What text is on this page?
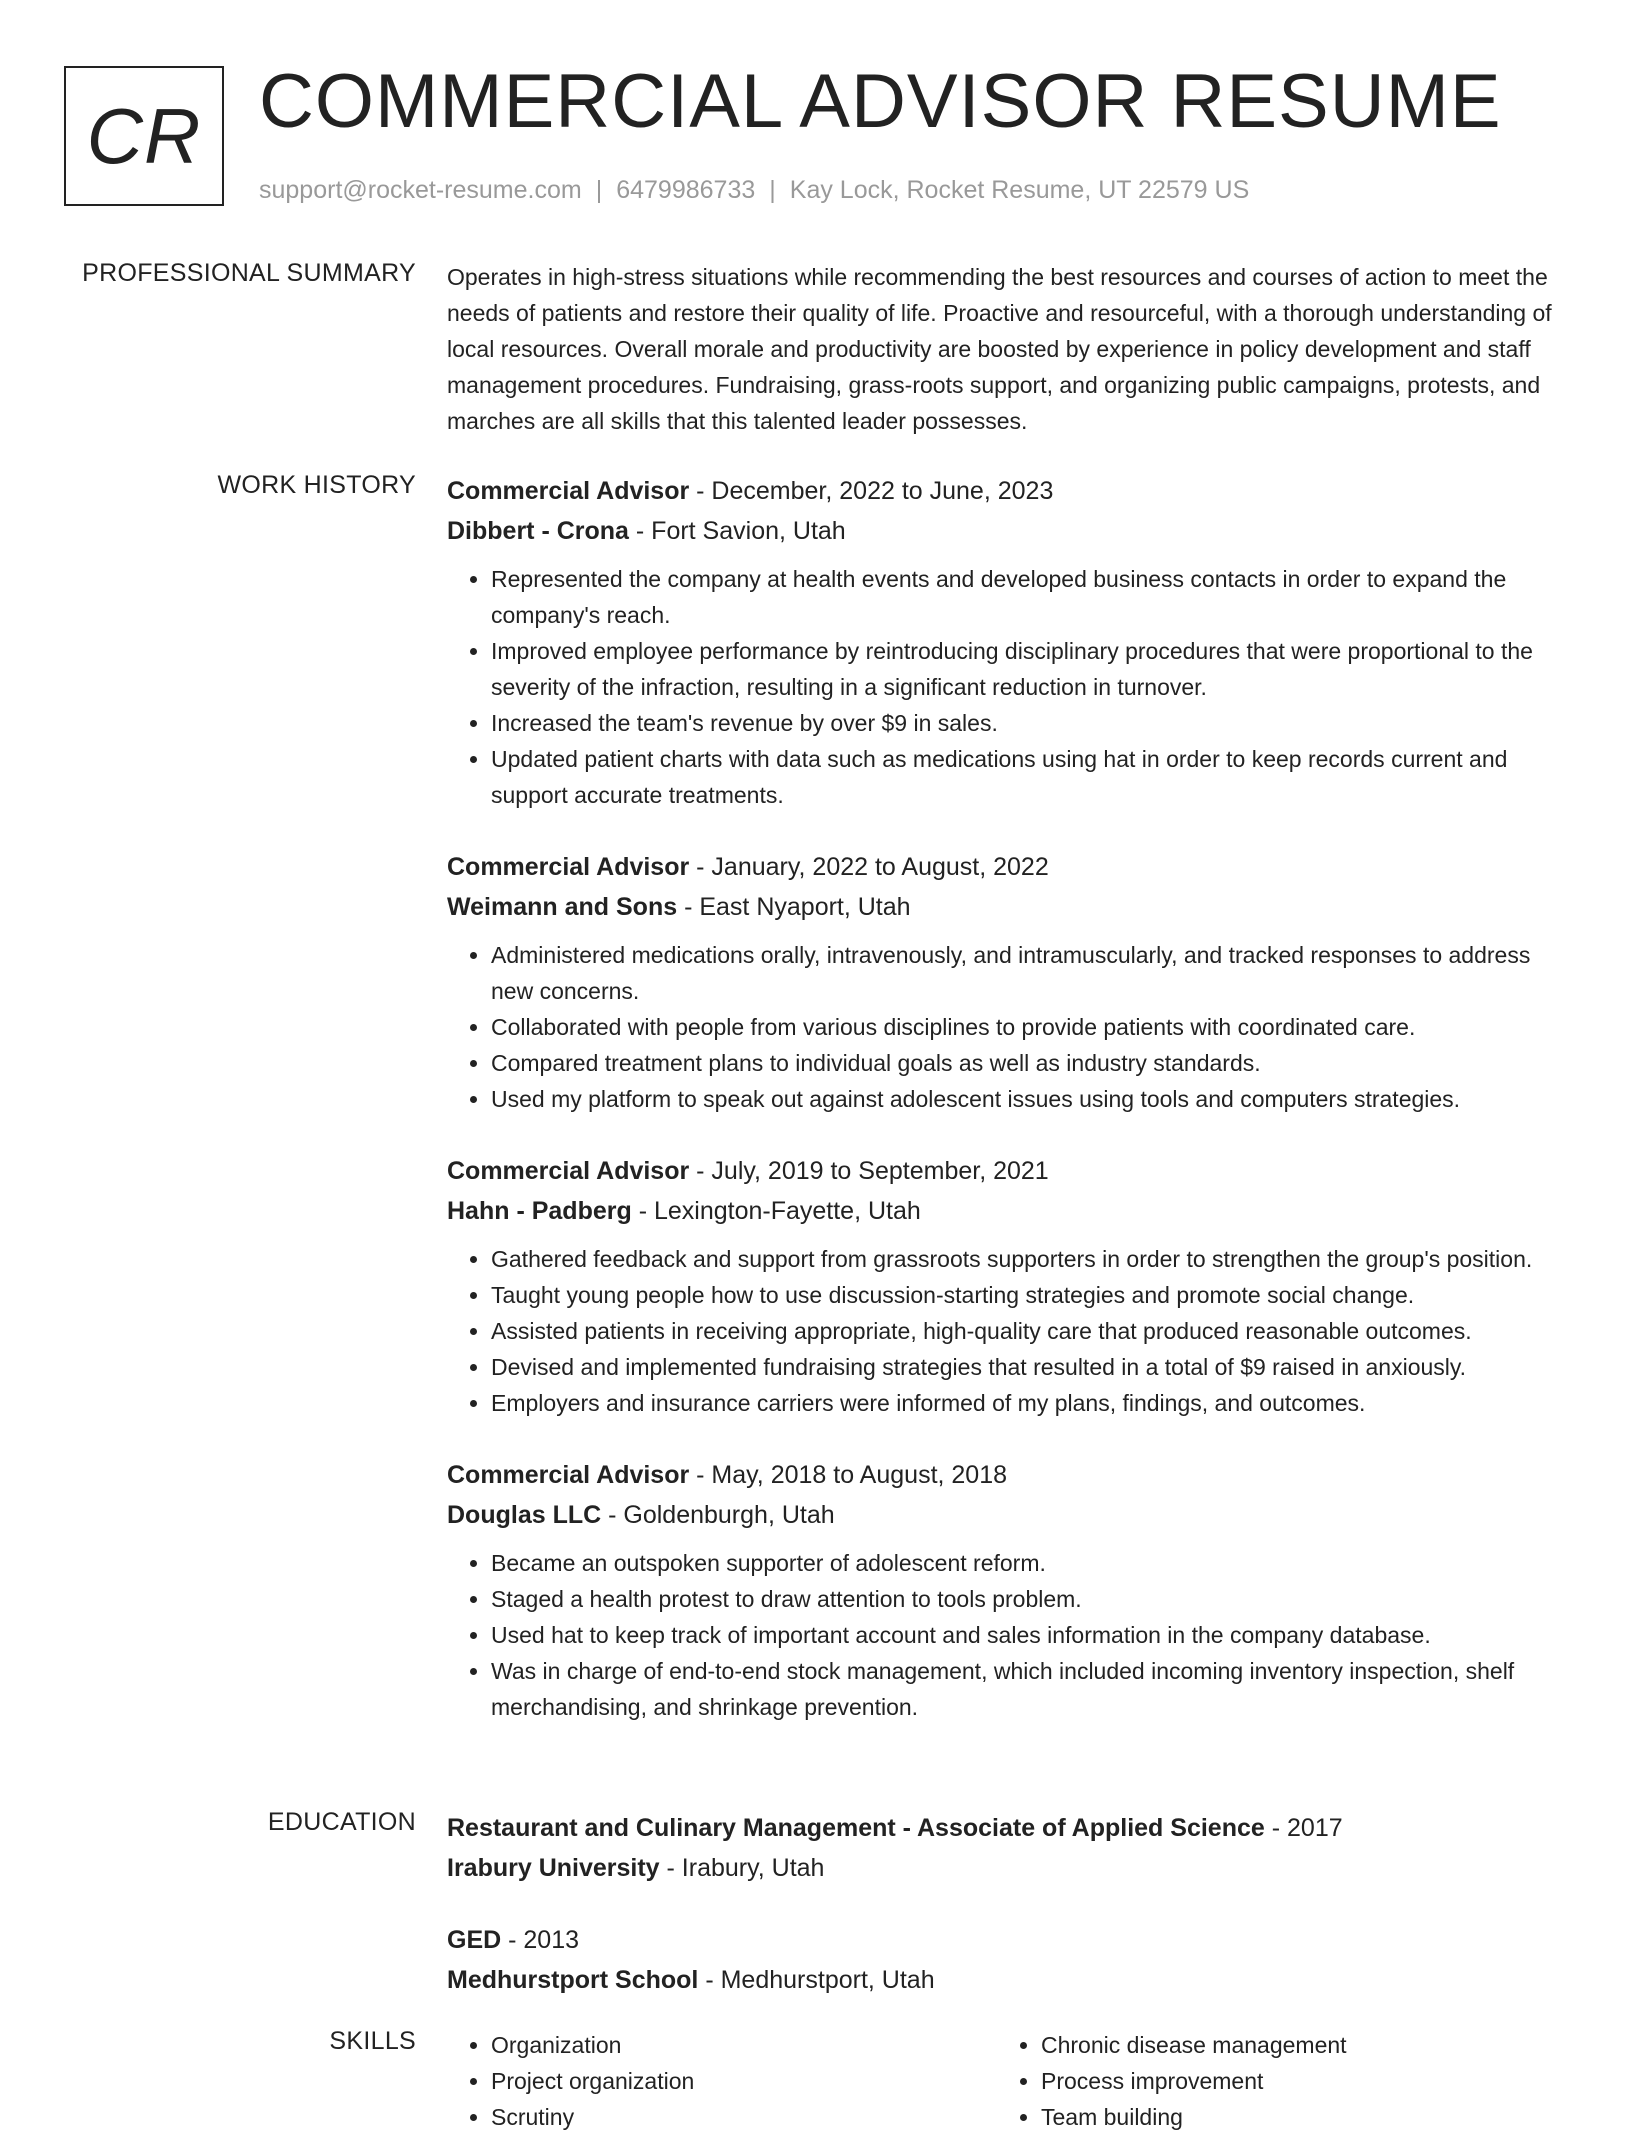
CR COMMERCIAL ADVISOR RESUME
support@rocket-resume.com | 6479986733 | Kay Lock, Rocket Resume, UT 22579 US
PROFESSIONAL SUMMARY Operates in high-stress situations while recommending the best resources and courses of action to meet the needs of patients and restore their quality of life. Proactive and resourceful, with a thorough understanding of local resources. Overall morale and productivity are boosted by experience in policy development and staff management procedures. Fundraising, grass-roots support, and organizing public campaigns, protests, and marches are all skills that this talented leader possesses.

WORK HISTORY Commercial Advisor - December, 2022 to June, 2023
Dibbert - Crona - Fort Savion, Utah
• Represented the company at health events and developed business contacts in order to expand the company's reach.
• Improved employee performance by reintroducing disciplinary procedures that were proportional to the severity of the infraction, resulting in a significant reduction in turnover.
• Increased the team's revenue by over $9 in sales.
• Updated patient charts with data such as medications using hat in order to keep records current and support accurate treatments.
Commercial Advisor - January, 2022 to August, 2022
Weimann and Sons - East Nyaport, Utah
• Administered medications orally, intravenously, and intramuscularly, and tracked responses to address new concerns.
• Collaborated with people from various disciplines to provide patients with coordinated care.
• Compared treatment plans to individual goals as well as industry standards.
• Used my platform to speak out against adolescent issues using tools and computers strategies.
Commercial Advisor - July, 2019 to September, 2021
Hahn - Padberg - Lexington-Fayette, Utah
• Gathered feedback and support from grassroots supporters in order to strengthen the group's position.
• Taught young people how to use discussion-starting strategies and promote social change.
• Assisted patients in receiving appropriate, high-quality care that produced reasonable outcomes.
• Devised and implemented fundraising strategies that resulted in a total of $9 raised in anxiously.
• Employers and insurance carriers were informed of my plans, findings, and outcomes.
Commercial Advisor - May, 2018 to August, 2018
Douglas LLC - Goldenburgh, Utah
• Became an outspoken supporter of adolescent reform.
• Staged a health protest to draw attention to tools problem.
• Used hat to keep track of important account and sales information in the company database.
• Was in charge of end-to-end stock management, which included incoming inventory inspection, shelf merchandising, and shrinkage prevention.
EDUCATION Restaurant and Culinary Management - Associate of Applied Science - 2017
Irabury University - Irabury, Utah
GED - 2013
Medhurstport School - Medhurstport, Utah
SKILLS
•	Organization
• Project organization
• Scrutiny
• Chronic disease management
• Process improvement
• Team building
